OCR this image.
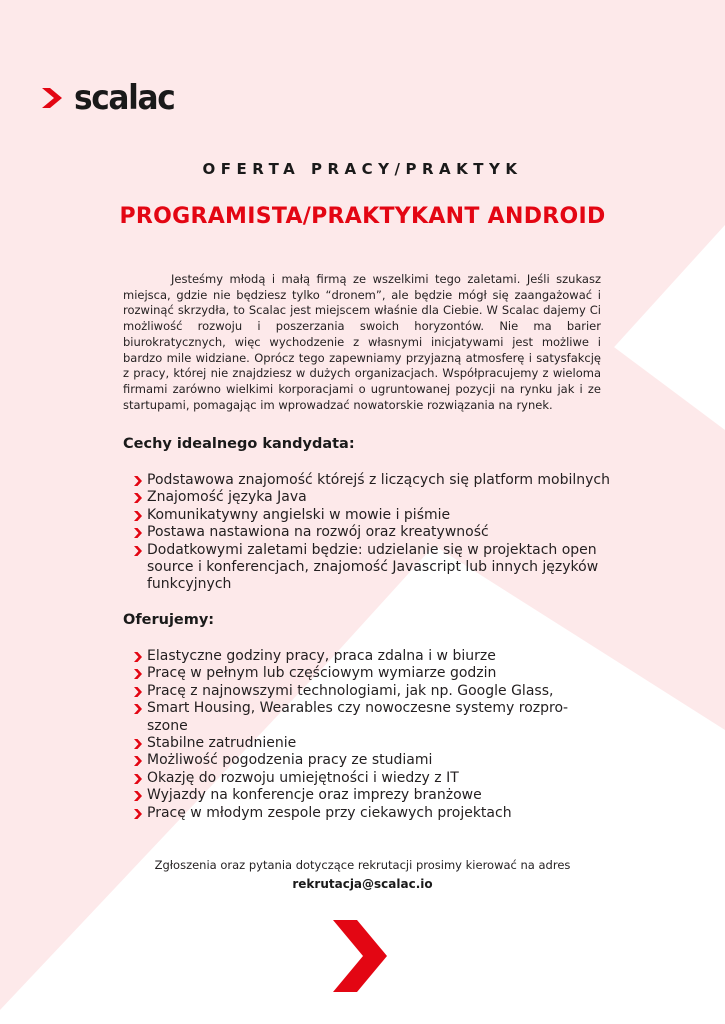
scalac
OFERTA PRACY/PRAKTYK
PROGRAMISTA/PRAKTYKANT ANDROID

Jesteśmy młodą i małą firmą ze wszelkimi tego zaletami. Jeśli szukasz miejsca, gdzie nie będziesz tylko “dronem”, ale będzie mógł się zaangażować i rozwinąć skrzydła, to Scalac jest miejscem właśnie dla Ciebie. W Scalac dajemy Ci możliwość rozwoju i poszerzania swoich horyzontów. Nie ma barier biurokratycznych, więc wychodzenie z własnymi inicjatywami jest możliwe i bardzo mile widziane. Oprócz tego zapewniamy przyjazną atmosferę i satysfakcję z pracy, której nie znajdziesz w dużych organizacjach. Współpracujemy z wieloma firmami zarówno wielkimi korporacjami o ugruntowanej pozycji na rynku jak i ze startupami, pomagając im wprowadzać nowatorskie rozwiązania na rynek.

Cechy idealnego kandydata:
Podstawowa znajomość którejś z liczących się platform mobilnych
Znajomość języka Java
Komunikatywny angielski w mowie i piśmie
Postawa nastawiona na rozwój oraz kreatywność
Dodatkowymi zaletami będzie: udzielanie się w projektach open source i konferencjach, znajomość Javascript lub innych języków funkcyjnych
Oferujemy:
Elastyczne godziny pracy, praca zdalna i w biurze
Pracę w pełnym lub częściowym wymiarze godzin
Pracę z najnowszymi technologiami, jak np. Google Glass,
Smart Housing, Wearables czy nowoczesne systemy rozproszone
Stabilne zatrudnienie
Możliwość pogodzenia pracy ze studiami
Okazję do rozwoju umiejętności i wiedzy z IT
Wyjazdy na konferencje oraz imprezy branżowe
Pracę w młodym zespole przy ciekawych projektach
Zgłoszenia oraz pytania dotyczące rekrutacji prosimy kierować na adres
rekrutacja@scalac.io
